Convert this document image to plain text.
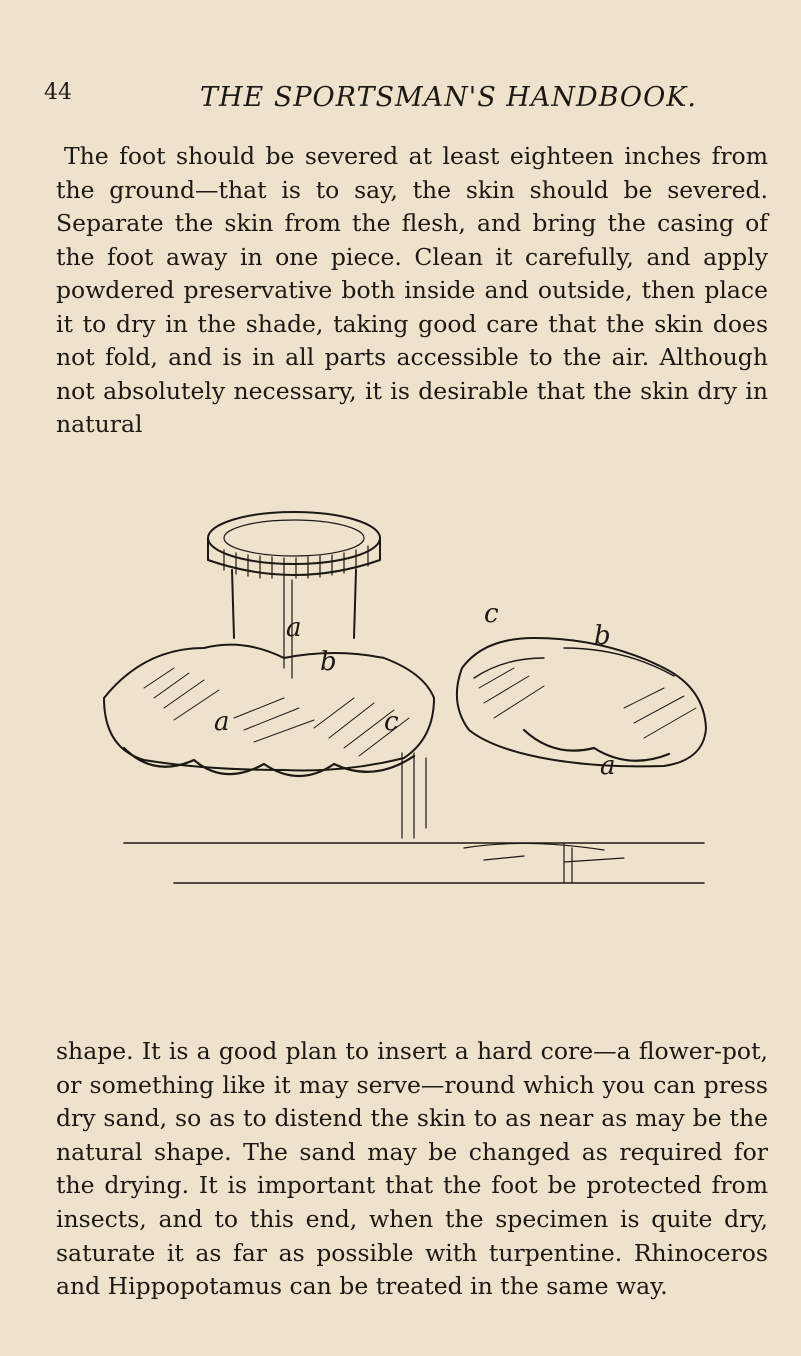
44	THE SPORTSMAN'S HANDBOOK.

The foot should be severed at least eighteen inches from the ground—that is to say, the skin should be severed. Separate the skin from the flesh, and bring the casing of the foot away in one piece. Clean it carefully, and apply powdered preservative both inside and outside, then place it to dry in the shade, taking good care that the skin does not fold, and is in all parts accessible to the air. Although not absolutely necessary, it is desirable that the skin dry in natural

a
b
a	c
c
b
a

shape. It is a good plan to insert a hard core—a flower-pot, or something like it may serve—round which you can press dry sand, so as to distend the skin to as near as may be the natural shape. The sand may be changed as required for the drying. It is important that the foot be protected from insects, and to this end, when the specimen is quite dry, saturate it as far as possible with turpentine. Rhinoceros and Hippopotamus can be treated in the same way.
